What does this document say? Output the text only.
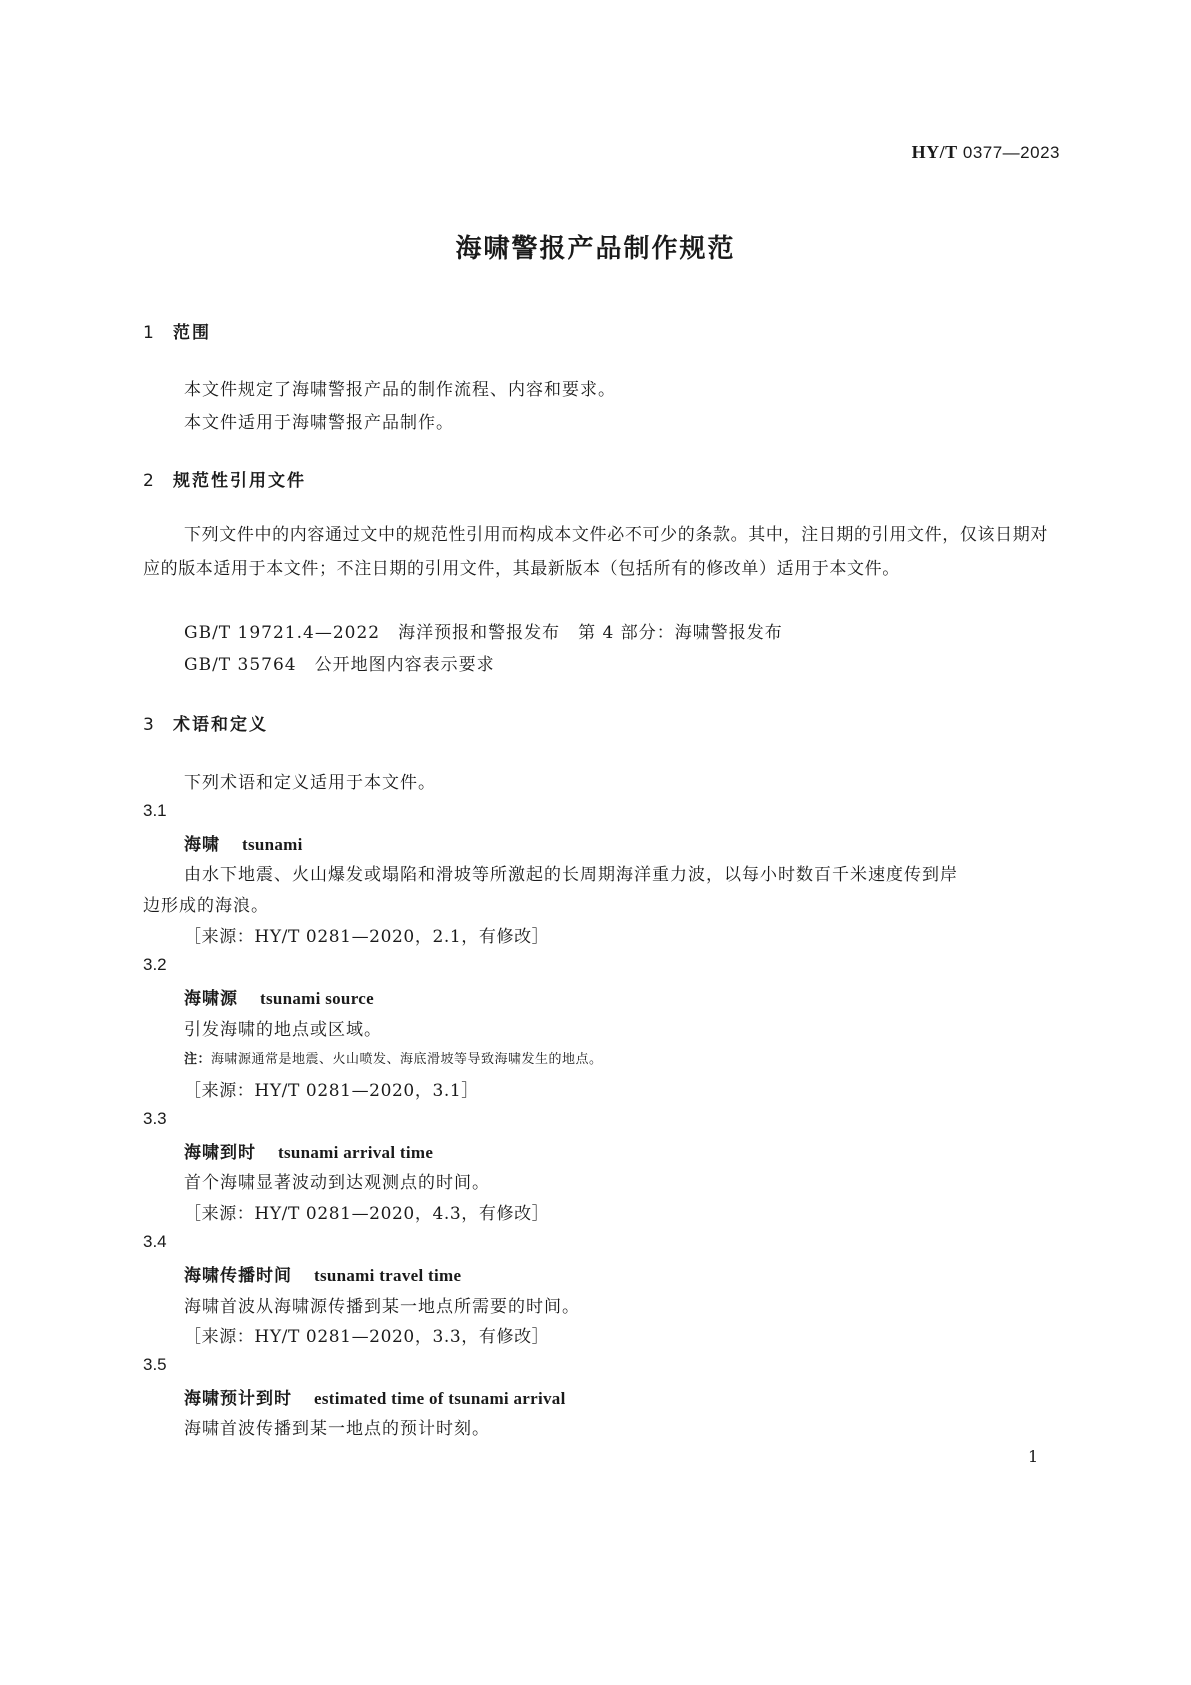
HY/T 0377—2023
海啸警报产品制作规范
1 范围
本文件规定了海啸警报产品的制作流程、内容和要求。
本文件适用于海啸警报产品制作。
2 规范性引用文件
下列文件中的内容通过文中的规范性引用而构成本文件必不可少的条款。其中，注日期的引用文件，仅该日期对应的版本适用于本文件；不注日期的引用文件，其最新版本（包括所有的修改单）适用于本文件。
GB/T 19721.4—2022　海洋预报和警报发布　第 4 部分：海啸警报发布
GB/T 35764　公开地图内容表示要求
3 术语和定义
下列术语和定义适用于本文件。
3.1
海啸 tsunami
由水下地震、火山爆发或塌陷和滑坡等所激起的长周期海洋重力波，以每小时数百千米速度传到岸
边形成的海浪。
［来源：HY/T 0281—2020，2.1，有修改］
3.2
海啸源 tsunami source
引发海啸的地点或区域。
注：海啸源通常是地震、火山喷发、海底滑坡等导致海啸发生的地点。
［来源：HY/T 0281—2020，3.1］
3.3
海啸到时 tsunami arrival time
首个海啸显著波动到达观测点的时间。
［来源：HY/T 0281—2020，4.3，有修改］
3.4
海啸传播时间 tsunami travel time
海啸首波从海啸源传播到某一地点所需要的时间。
［来源：HY/T 0281—2020，3.3，有修改］
3.5
海啸预计到时 estimated time of tsunami arrival
海啸首波传播到某一地点的预计时刻。
1
